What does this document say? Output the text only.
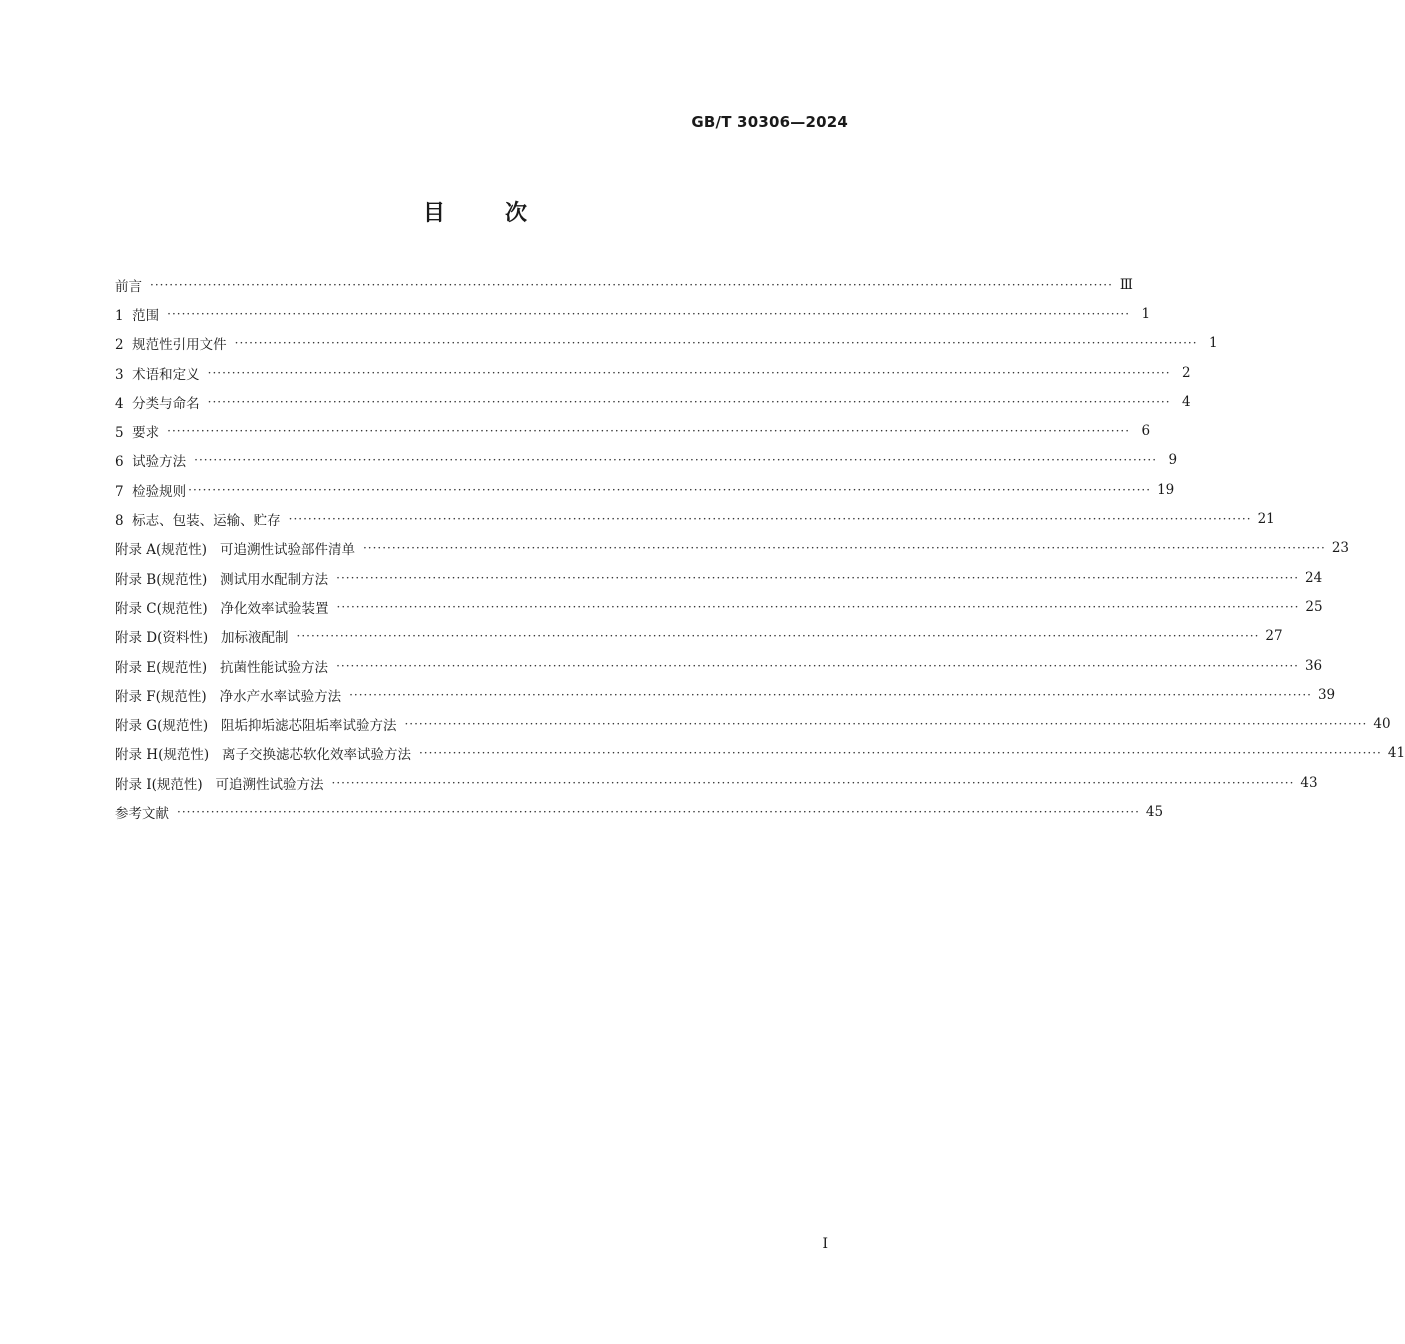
GB/T 30306—2024
目次
前言 ········································································································································································································ Ⅲ
1  范围 ········································································································································································································ 1
2  规范性引用文件 ········································································································································································································ 1
3  术语和定义 ········································································································································································································ 2
4  分类与命名 ········································································································································································································ 4
5  要求 ········································································································································································································ 6
6  试验方法 ········································································································································································································ 9
7  检验规则 ········································································································································································································ 19
8  标志、包装、运输、贮存 ········································································································································································································ 21
附录 A(规范性)   可追溯性试验部件清单 ········································································································································································································ 23
附录 B(规范性)   测试用水配制方法 ········································································································································································································ 24
附录 C(规范性)   净化效率试验装置 ········································································································································································································ 25
附录 D(资料性)   加标液配制 ········································································································································································································ 27
附录 E(规范性)   抗菌性能试验方法 ········································································································································································································ 36
附录 F(规范性)   净水产水率试验方法 ········································································································································································································ 39
附录 G(规范性)   阻垢抑垢滤芯阻垢率试验方法 ········································································································································································································ 40
附录 H(规范性)   离子交换滤芯软化效率试验方法 ········································································································································································································ 41
附录 I(规范性)   可追溯性试验方法 ········································································································································································································ 43
参考文献 ········································································································································································································ 45
I
